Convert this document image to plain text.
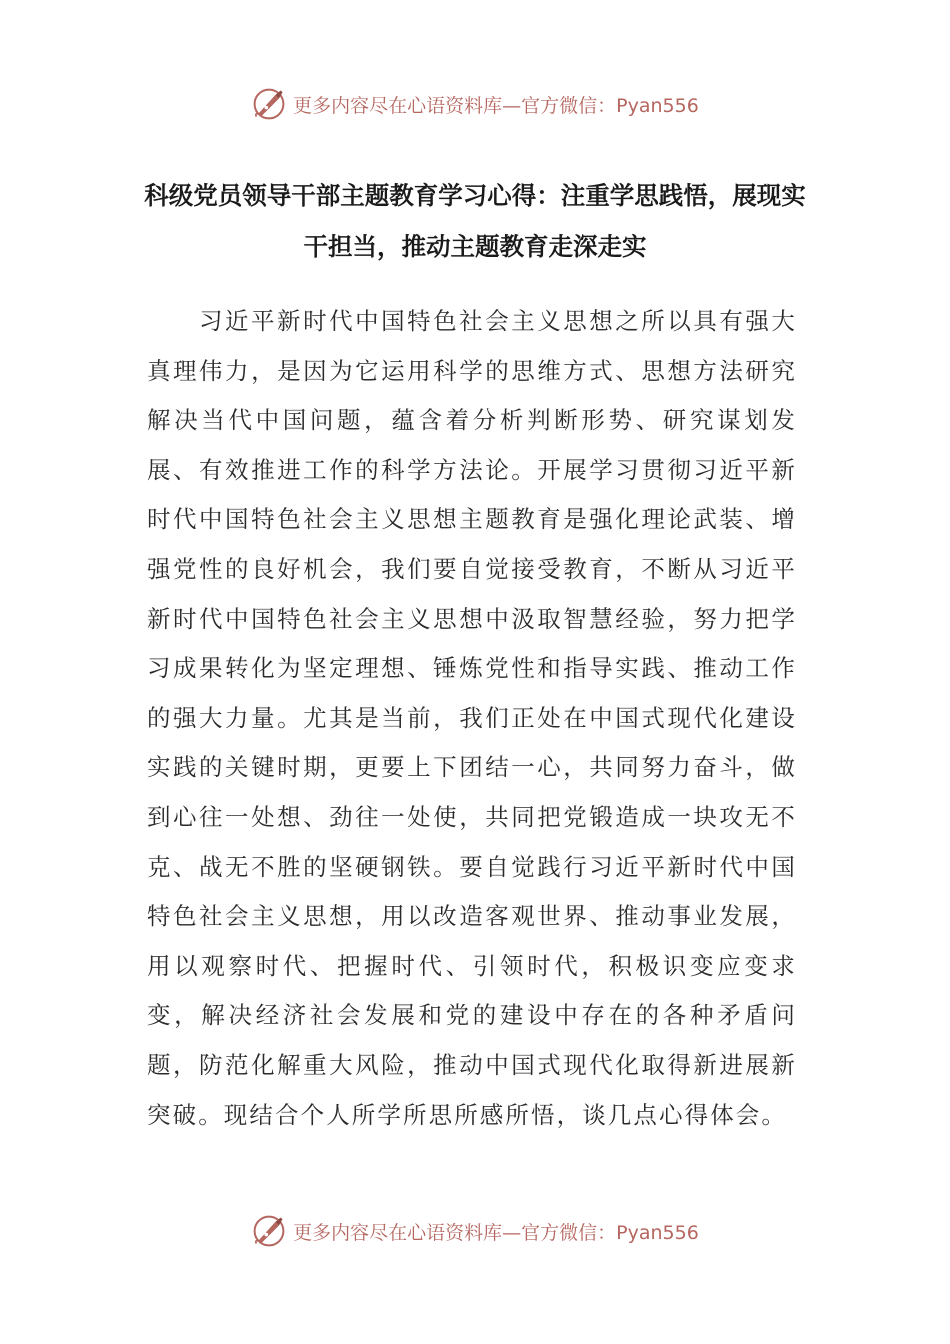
更多内容尽在心语资料库—官方微信：Pyan556
科级党员领导干部主题教育学习心得：注重学思践悟，展现实干担当，推动主题教育走深走实

习近平新时代中国特色社会主义思想之所以具有强大真理伟力，是因为它运用科学的思维方式、思想方法研究解决当代中国问题，蕴含着分析判断形势、研究谋划发展、有效推进工作的科学方法论。开展学习贯彻习近平新时代中国特色社会主义思想主题教育是强化理论武装、增强党性的良好机会，我们要自觉接受教育，不断从习近平新时代中国特色社会主义思想中汲取智慧经验，努力把学习成果转化为坚定理想、锤炼党性和指导实践、推动工作的强大力量。尤其是当前，我们正处在中国式现代化建设实践的关键时期，更要上下团结一心，共同努力奋斗，做到心往一处想、劲往一处使，共同把党锻造成一块攻无不克、战无不胜的坚硬钢铁。要自觉践行习近平新时代中国特色社会主义思想，用以改造客观世界、推动事业发展，用以观察时代、把握时代、引领时代，积极识变应变求变，解决经济社会发展和党的建设中存在的各种矛盾问题，防范化解重大风险，推动中国式现代化取得新进展新突破。现结合个人所学所思所感所悟，谈几点心得体会。

更多内容尽在心语资料库—官方微信：Pyan556
